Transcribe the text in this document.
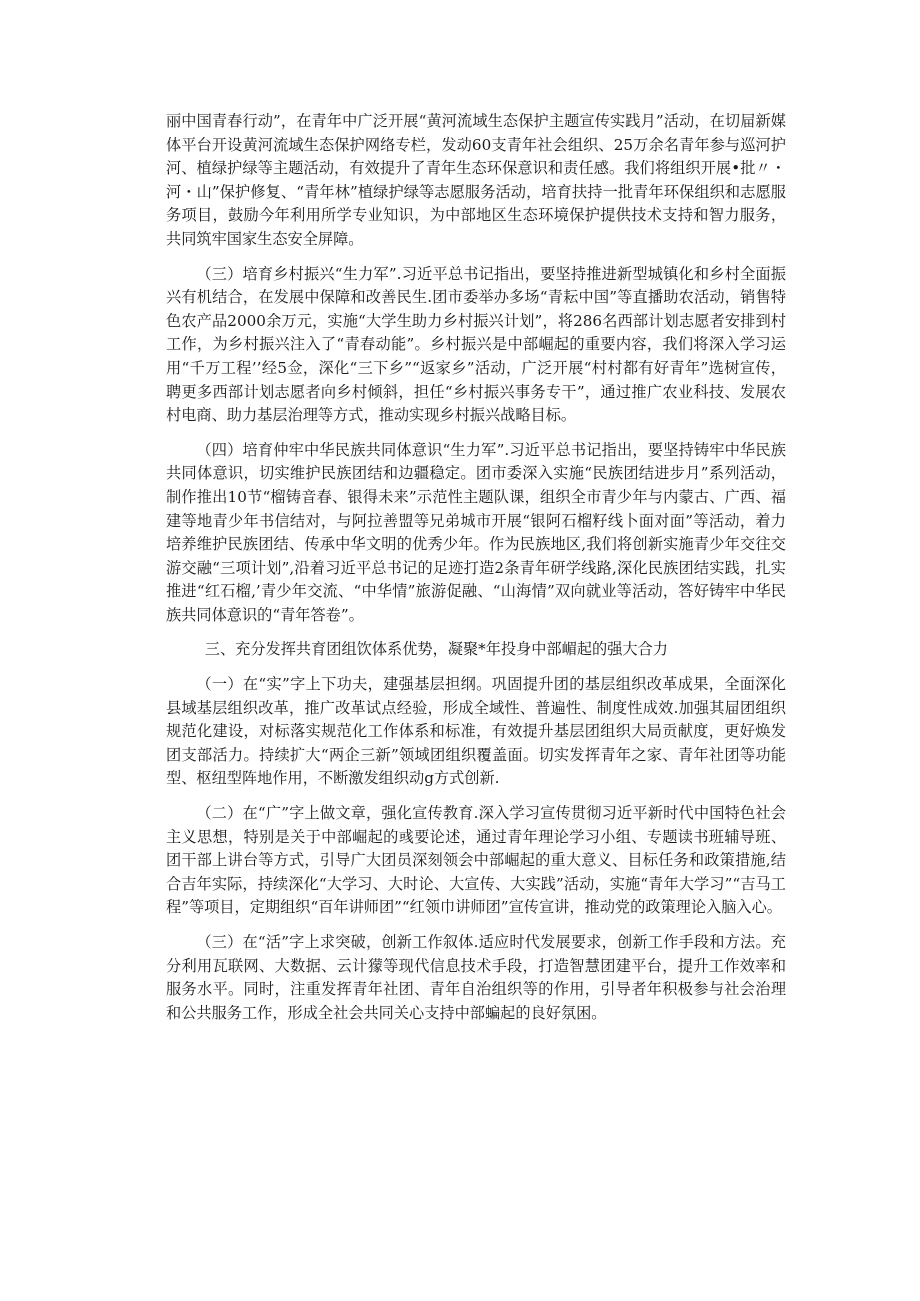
丽中国青春行动”，在青年中广泛开展“黄河流域生态保护主题宣传实践月”活动，在切屇新媒体平台开设黄河流域生态保护网络专栏，发动60支青年社会组织、25万余名青年参与巡河护河、植绿护绿等主题活动，有效提升了青年生态环保意识和责任感。我们将组织开展•批〃・河・山”保护修复、“青年林”植绿护绿等志愿服务活动，培育扶持一批青年环保组织和志愿服务项目，鼓励今年利用所学专业知识，为中部地区生态环境保护提供技术支持和智力服务，共同筑牢国家生态安全屏障。

（三）培育乡村振兴“生力军”.习近平总书记指出，要坚持推进新型城镇化和乡村全面振兴有机结合，在发展中保障和改善民生.团市委举办多场“青耘中国”等直播助农活动，销售特色农产品2000余万元，实施“大学生助力乡村振兴计划”，将286名西部计划志愿者安排到村工作，为乡村振兴注入了“青春动能”。乡村振兴是中部崛起的重要内容，我们将深入学习运用“千万工程’’经5佥，深化“三下乡”“返家乡”活动，广泛开展“村村都有好青年”选树宣传，聘更多西部计划志愿者向乡村倾斜，担任“乡村振兴事务专干”，通过推广农业科技、发展农村电商、助力基层治理等方式，推动实现乡村振兴战略目标。

（四）培育仲牢中华民族共同体意识“生力军”.习近平总书记指出，要坚持铸牢中华民族共同体意识，切实维护民族团结和边疆稳定。团市委深入实施“民族团结进步月”系列活动，制作推出10节“榴铸音春、银得未来”示范性主题队课，组织全市青少年与内蒙古、广西、福建等地青少年书信结对，与阿拉善盟等兄弟城市开展“银阿石榴籽线卜面对面”等活动，着力培养维护民族团结、传承中华文明的优秀少年。作为民族地区,我们将创新实施青少年交往交游交融“三项计划”,沿着习近平总书记的足迹打造2条青年研学线路,深化民族团结实践，扎实推进“红石榴,’青少年交流、“中华情”旅游促融、“山海情”双向就业等活动，答好铸牢中华民族共同体意识的“青年答卷”。

三、充分发挥共育团组饮体系优势，凝聚*年投身中部嵋起的强大合力

（一）在“实”字上下功夫，建强基层担纲。巩固提升团的基层组织改革成果，全面深化县域基层组织改革，推广改革试点经验，形成全域性、普遍性、制度性成效.加强其屇团组织规范化建设，对标落实规范化工作体系和标准，有效提升基层团组织大局贡献度，更好焕发团支部活力。持续扩大“两企三新”领域团组织覆盖面。切实发挥青年之家、青年社团等功能型、枢纽型阵地作用，不断激发组织动g方式创新.

（二）在“广”字上做文章，强化宣传教育.深入学习宣传贯彻习近平新时代中国特色社会主义思想，特别是关于中部崛起的彧要论述，通过青年理论学习小组、专题读书班辅导班、团干部上讲台等方式，引导广大团员深刻领会中部崛起的重大意义、目标任务和政策措施,结合吉年实际，持续深化“大学习、大时论、大宣传、大实践”活动，实施“青年大学习”“吉马工程”等项目，定期组织“百年讲师团”“红领巾讲师团”宣传宣讲，推动党的政策理论入脑入心。

（三）在“活”字上求突破，创新工作叙体.适应时代发展要求，创新工作手段和方法。充分利用瓦联网、大数据、云计獴等现代信息技术手段，打造智慧团建平台，提升工作效率和服务水平。同时，注重发挥青年社团、青年自治组织等的作用，引导者年积极参与社会治理和公共服务工作，形成全社会共同关心支持中部蝙起的良好氛困。
